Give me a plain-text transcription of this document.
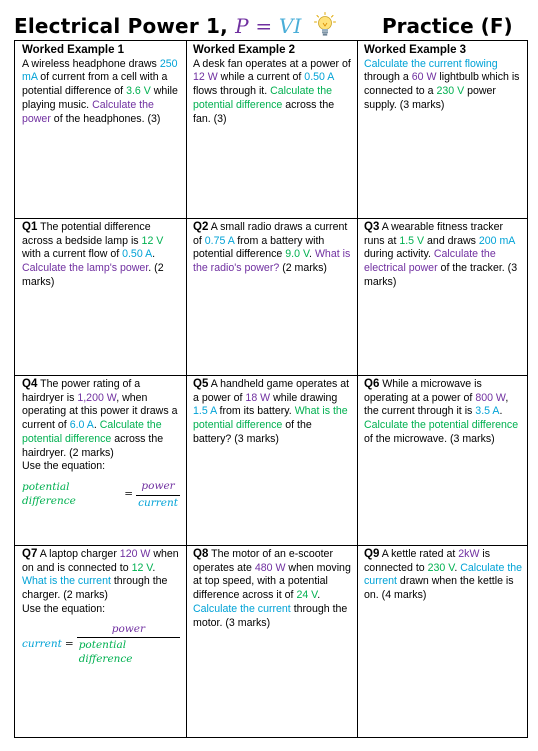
Electrical Power 1, P = VI	Practice (F)
Worked Example 1
A wireless headphone draws 250 mA of current from a cell with a potential difference of 3.6 V while playing music. Calculate the power of the headphones. (3)
Worked Example 2
A desk fan operates at a power of 12 W while a current of 0.50 A flows through it. Calculate the potential difference across the fan. (3)
Worked Example 3
Calculate the current flowing through a 60 W lightbulb which is connected to a 230 V power supply. (3 marks)
Q1 The potential difference across a bedside lamp is 12 V with a current flow of 0.50 A. Calculate the lamp's power. (2 marks)
Q2 A small radio draws a current of 0.75 A from a battery with potential difference 9.0 V. What is the radio's power? (2 marks)
Q3 A wearable fitness tracker runs at 1.5 V and draws 200 mA during activity. Calculate the electrical power of the tracker. (3 marks)
Q4 The power rating of a hairdryer is 1,200 W, when operating at this power it draws a current of 6.0 A. Calculate the potential difference across the hairdryer. (2 marks)
Use the equation:
potential difference
= $\frac{\text{power}}{\text{current}}$
Q5 A handheld game operates at a power of 18 W while drawing 1.5 A from its battery. What is the potential difference of the battery? (3 marks)
Q6 While a microwave is operating at a power of 800 W, the current through it is 3.5 A. Calculate the potential difference of the microwave. (3 marks)
Q7 A laptop charger 120 W when on and is connected to 12 V. What is the current through the charger. (2 marks)
Use the equation:
current = $\frac{\text{power}}{\text{potential difference}}$
Q8 The motor of an e-scooter operates ate 480 W when moving at top speed, with a potential difference across it of 24 V. Calculate the current through the motor. (3 marks)
Q9 A kettle rated at 2kW is connected to 230 V. Calculate the current drawn when the kettle is on. (4 marks)
